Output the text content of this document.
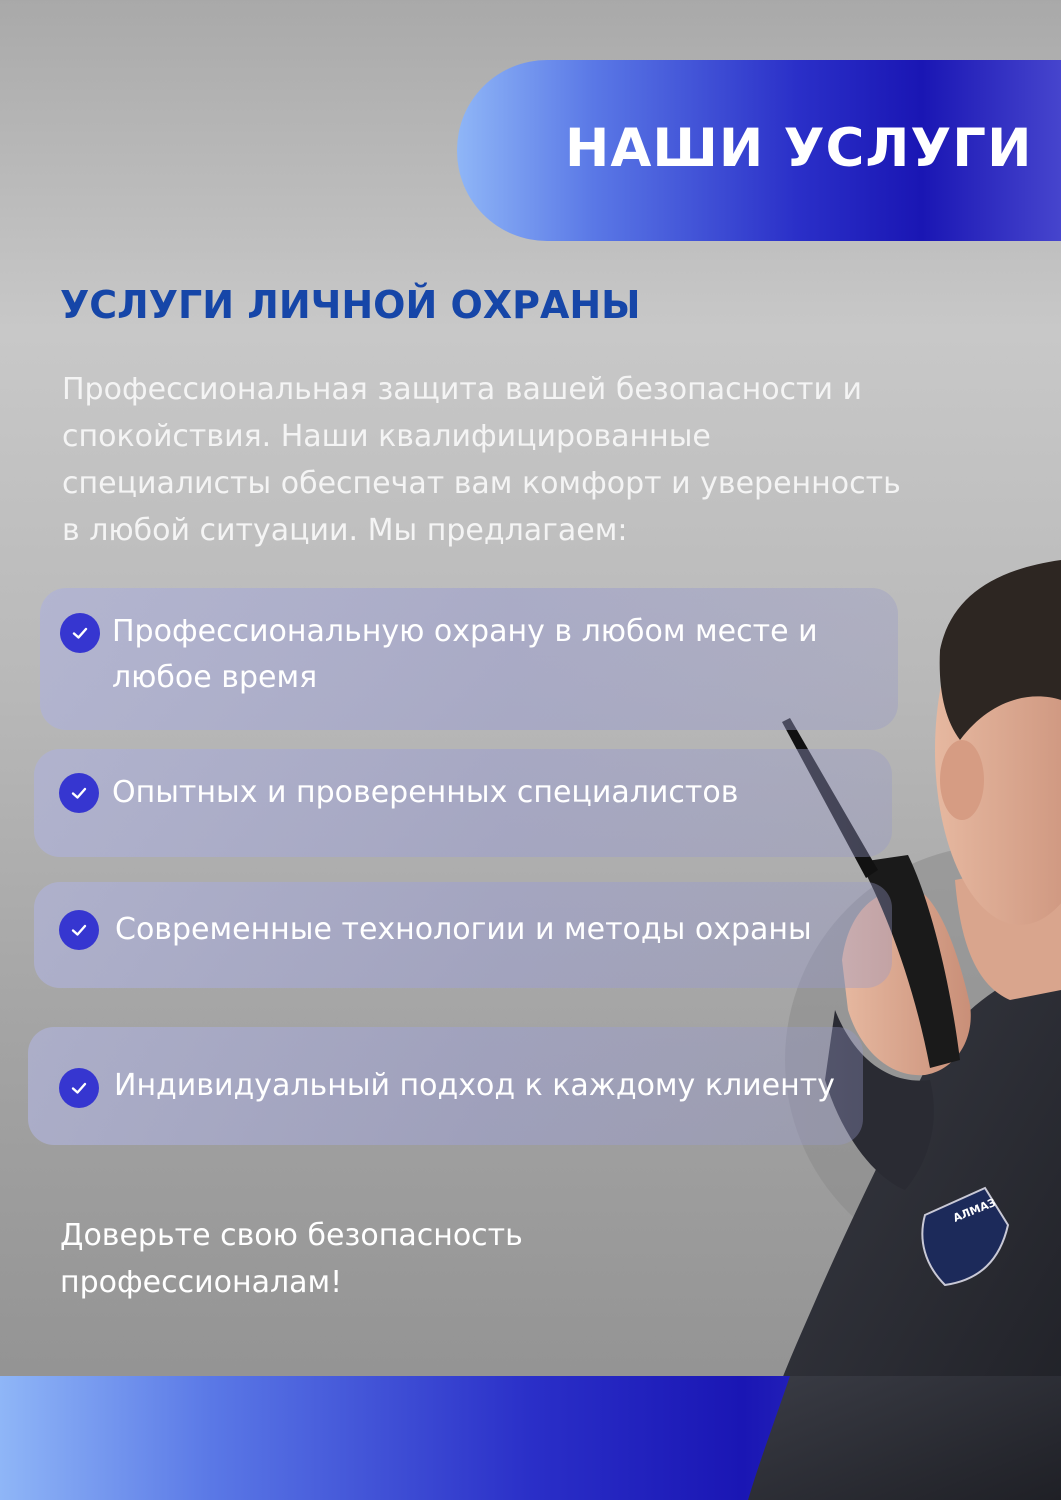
НАШИ УСЛУГИ
УСЛУГИ ЛИЧНОЙ ОХРАНЫ
Профессиональная защита вашей безопасности и
спокойствия. Наши квалифицированные
специалисты обеспечат вам комфорт и уверенность
в любой ситуации. Мы предлагаем:
АЛМАЗ
Профессиональную охрану в любом месте и
любое время
Опытных и проверенных специалистов
Современные технологии и методы охраны
Индивидуальный подход к каждому клиенту
Доверьте свою безопасность
профессионалам!
